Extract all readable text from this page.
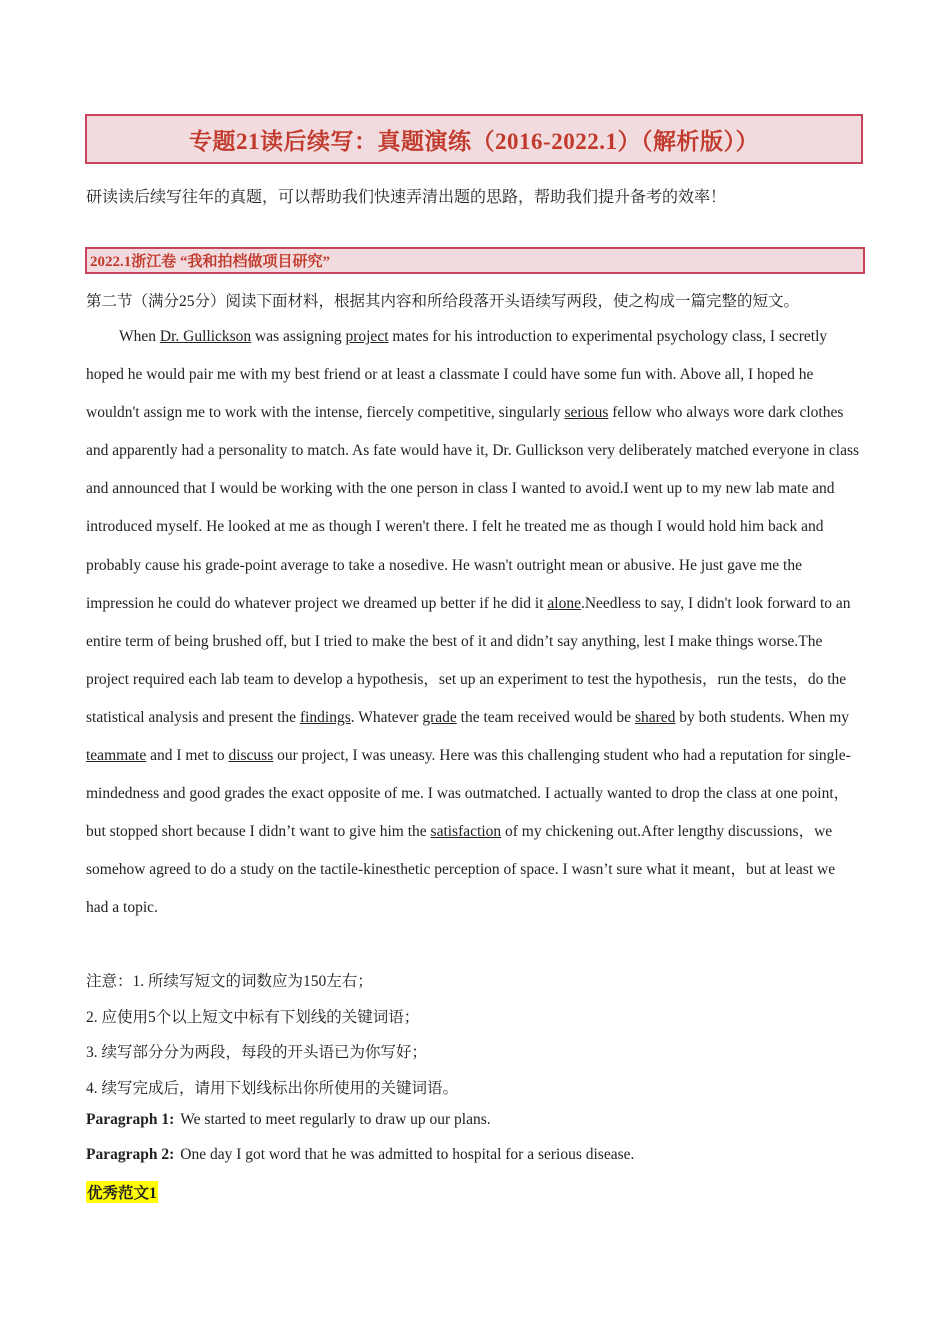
专题21读后续写：真题演练（2016-2022.1）（解析版））
研读读后续写往年的真题，可以帮助我们快速弄清出题的思路，帮助我们提升备考的效率！
2022.1浙江卷 “我和拍档做项目研究”
第二节（满分25分）阅读下面材料，根据其内容和所给段落开头语续写两段，使之构成一篇完整的短文。

When Dr. Gullickson was assigning project mates for his introduction to experimental psychology class, I secretly hoped he would pair me with my best friend or at least a classmate I could have some fun with. Above all, I hoped he wouldn't assign me to work with the intense, fiercely competitive, singularly serious fellow who always wore dark clothes and apparently had a personality to match. As fate would have it, Dr. Gullickson very deliberately matched everyone in class and announced that I would be working with the one person in class I wanted to avoid.I went up to my new lab mate and introduced myself. He looked at me as though I weren't there. I felt he treated me as though I would hold him back and probably cause his grade-point average to take a nosedive. He wasn't outright mean or abusive. He just gave me the impression he could do whatever project we dreamed up better if he did it alone.Needless to say, I didn't look forward to an entire term of being brushed off, but I tried to make the best of it and didn’t say anything, lest I make things worse.The project required each lab team to develop a hypothesis，set up an experiment to test the hypothesis，run the tests，do the statistical analysis and present the findings. Whatever grade the team received would be shared by both students. When my teammate and I met to discuss our project, I was uneasy. Here was this challenging student who had a reputation for single-mindedness and good grades the exact opposite of me. I was outmatched. I actually wanted to drop the class at one point，but stopped short because I didn’t want to give him the satisfaction of my chickening out.After lengthy discussions，we somehow agreed to do a study on the tactile-kinesthetic perception of space. I wasn’t sure what it meant，but at least we had a topic.

注意：1. 所续写短文的词数应为150左右；
2. 应使用5个以上短文中标有下划线的关键词语；
3. 续写部分分为两段，每段的开头语已为你写好；
4. 续写完成后，请用下划线标出你所使用的关键词语。
Paragraph 1: We started to meet regularly to draw up our plans.
Paragraph 2: One day I got word that he was admitted to hospital for a serious disease.
优秀范文1
